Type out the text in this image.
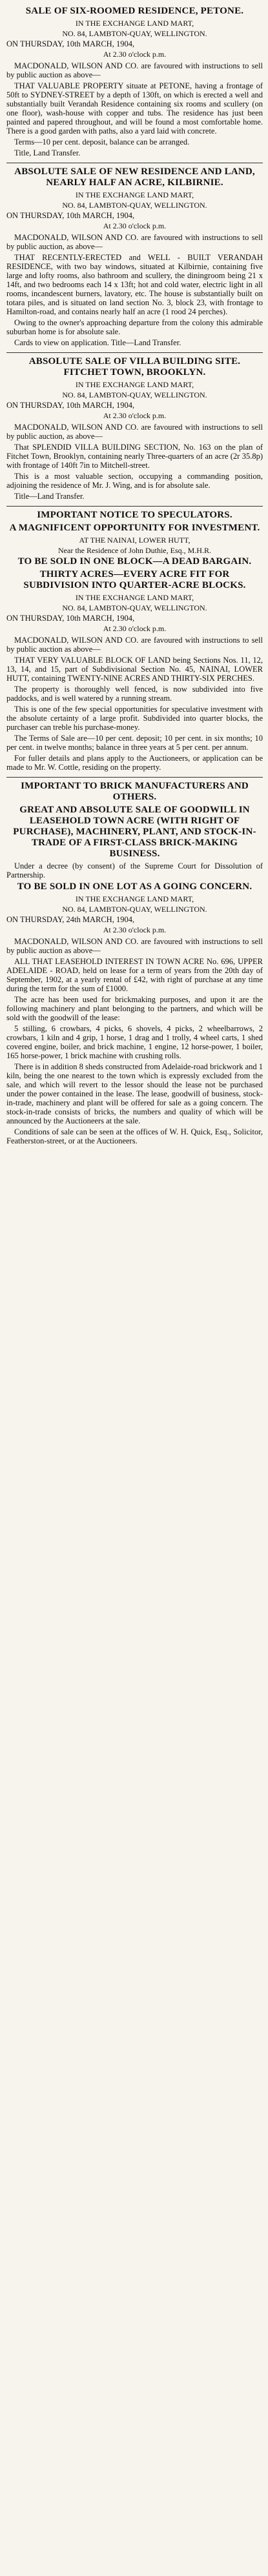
SALE OF SIX-ROOMED RESIDENCE, PETONE.
IN THE EXCHANGE LAND MART,
NO. 84, LAMBTON-QUAY, WELLINGTON.
ON THURSDAY, 10th MARCH, 1904,
At 2.30 o'clock p.m.

MACDONALD, WILSON AND CO. are favoured with instructions to sell by public auction as above—

THAT VALUABLE PROPERTY situate at PETONE, having a frontage of 50ft to SYDNEY-STREET by a depth of 130ft, on which is erected a well and substantially built Verandah Residence containing six rooms and scullery (on one floor), wash-house with copper and tubs. The residence has just been painted and papered throughout, and will be found a most comfortable home. There is a good garden with paths, also a yard laid with concrete.

Terms—10 per cent. deposit, balance can be arranged.

Title, Land Transfer.

ABSOLUTE SALE OF NEW RESIDENCE AND LAND, NEARLY HALF AN ACRE, KILBIRNIE.
IN THE EXCHANGE LAND MART,
NO. 84, LAMBTON-QUAY, WELLINGTON.
ON THURSDAY, 10th MARCH, 1904,
At 2.30 o'clock p.m.

MACDONALD, WILSON AND CO. are favoured with instructions to sell by public auction, as above—

THAT RECENTLY-ERECTED and WELL - BUILT VERANDAH RESIDENCE, with two bay windows, situated at Kilbirnie, containing five large and lofty rooms, also bathroom and scullery, the diningroom being 21 x 14ft, and two bedrooms each 14 x 13ft; hot and cold water, electric light in all rooms, incandescent burners, lavatory, etc. The house is substantially built on totara piles, and is situated on land section No. 3, block 23, with frontage to Hamilton-road, and contains nearly half an acre (1 rood 24 perches).

Owing to the owner's approaching departure from the colony this admirable suburban home is for absolute sale.

Cards to view on application. Title—Land Transfer.

ABSOLUTE SALE OF VILLA BUILDING SITE. FITCHET TOWN, BROOKLYN.
IN THE EXCHANGE LAND MART,
NO. 84, LAMBTON-QUAY, WELLINGTON.
ON THURSDAY, 10th MARCH, 1904,
At 2.30 o'clock p.m.

MACDONALD, WILSON AND CO. are favoured with instructions to sell by public auction, as above—

That SPLENDID VILLA BUILDING SECTION, No. 163 on the plan of Fitchet Town, Brooklyn, containing nearly Three-quarters of an acre (2r 35.8p) with frontage of 140ft 7in to Mitchell-street.

This is a most valuable section, occupying a commanding position, adjoining the residence of Mr. J. Wing, and is for absolute sale.

Title—Land Transfer.

IMPORTANT NOTICE TO SPECULATORS.
A MAGNIFICENT OPPORTUNITY FOR INVESTMENT.
AT THE NAINAI, LOWER HUTT,
Near the Residence of John Duthie, Esq., M.H.R.
TO BE SOLD IN ONE BLOCK—A DEAD BARGAIN.
THIRTY ACRES—EVERY ACRE FIT FOR SUBDIVISION INTO QUARTER-ACRE BLOCKS.
IN THE EXCHANGE LAND MART,
NO. 84, LAMBTON-QUAY, WELLINGTON.
ON THURSDAY, 10th MARCH, 1904,
At 2.30 o'clock p.m.

MACDONALD, WILSON AND CO. are favoured with instructions to sell by public auction as above—

THAT VERY VALUABLE BLOCK OF LAND being Sections Nos. 11, 12, 13, 14, and 15, part of Subdivisional Section No. 45, NAINAI, LOWER HUTT, containing TWENTY-NINE ACRES AND THIRTY-SIX PERCHES.

The property is thoroughly well fenced, is now subdivided into five paddocks, and is well watered by a running stream.

This is one of the few special opportunities for speculative investment with the absolute certainty of a large profit. Subdivided into quarter blocks, the purchaser can treble his purchase-money.

The Terms of Sale are—10 per cent. deposit; 10 per cent. in six months; 10 per cent. in twelve months; balance in three years at 5 per cent. per annum.

For fuller details and plans apply to the Auctioneers, or application can be made to Mr. W. Cottle, residing on the property.

IMPORTANT TO BRICK MANUFACTURERS AND OTHERS.
GREAT AND ABSOLUTE SALE OF GOODWILL IN LEASEHOLD TOWN ACRE (WITH RIGHT OF PURCHASE), MACHINERY, PLANT, AND STOCK-IN-TRADE OF A FIRST-CLASS BRICK-MAKING BUSINESS.

Under a decree (by consent) of the Supreme Court for Dissolution of Partnership.

TO BE SOLD IN ONE LOT AS A GOING CONCERN.
IN THE EXCHANGE LAND MART,
NO. 84, LAMBTON-QUAY, WELLINGTON.
ON THURSDAY, 24th MARCH, 1904,
At 2.30 o'clock p.m.

MACDONALD, WILSON AND CO. are favoured with instructions to sell by public auction as above—

ALL THAT LEASEHOLD INTEREST IN TOWN ACRE No. 696, UPPER ADELAIDE - ROAD, held on lease for a term of years from the 20th day of September, 1902, at a yearly rental of £42, with right of purchase at any time during the term for the sum of £1000.

The acre has been used for brickmaking purposes, and upon it are the following machinery and plant belonging to the partners, and which will be sold with the goodwill of the lease:

5 stilling, 6 crowbars, 4 picks, 6 shovels, 4 picks, 2 wheelbarrows, 2 crowbars, 1 kiln and 4 grip, 1 horse, 1 drag and 1 trolly, 4 wheel carts, 1 shed covered engine, boiler, and brick machine, 1 engine, 12 horse-power, 1 boiler, 165 horse-power, 1 brick machine with crushing rolls.

There is in addition 8 sheds constructed from Adelaide-road brickwork and 1 kiln, being the one nearest to the town which is expressly excluded from the sale, and which will revert to the lessor should the lease not be purchased under the power contained in the lease. The lease, goodwill of business, stock-in-trade, machinery and plant will be offered for sale as a going concern. The stock-in-trade consists of bricks, the numbers and quality of which will be announced by the Auctioneers at the sale.

Conditions of sale can be seen at the offices of W. H. Quick, Esq., Solicitor, Featherston-street, or at the Auctioneers.
